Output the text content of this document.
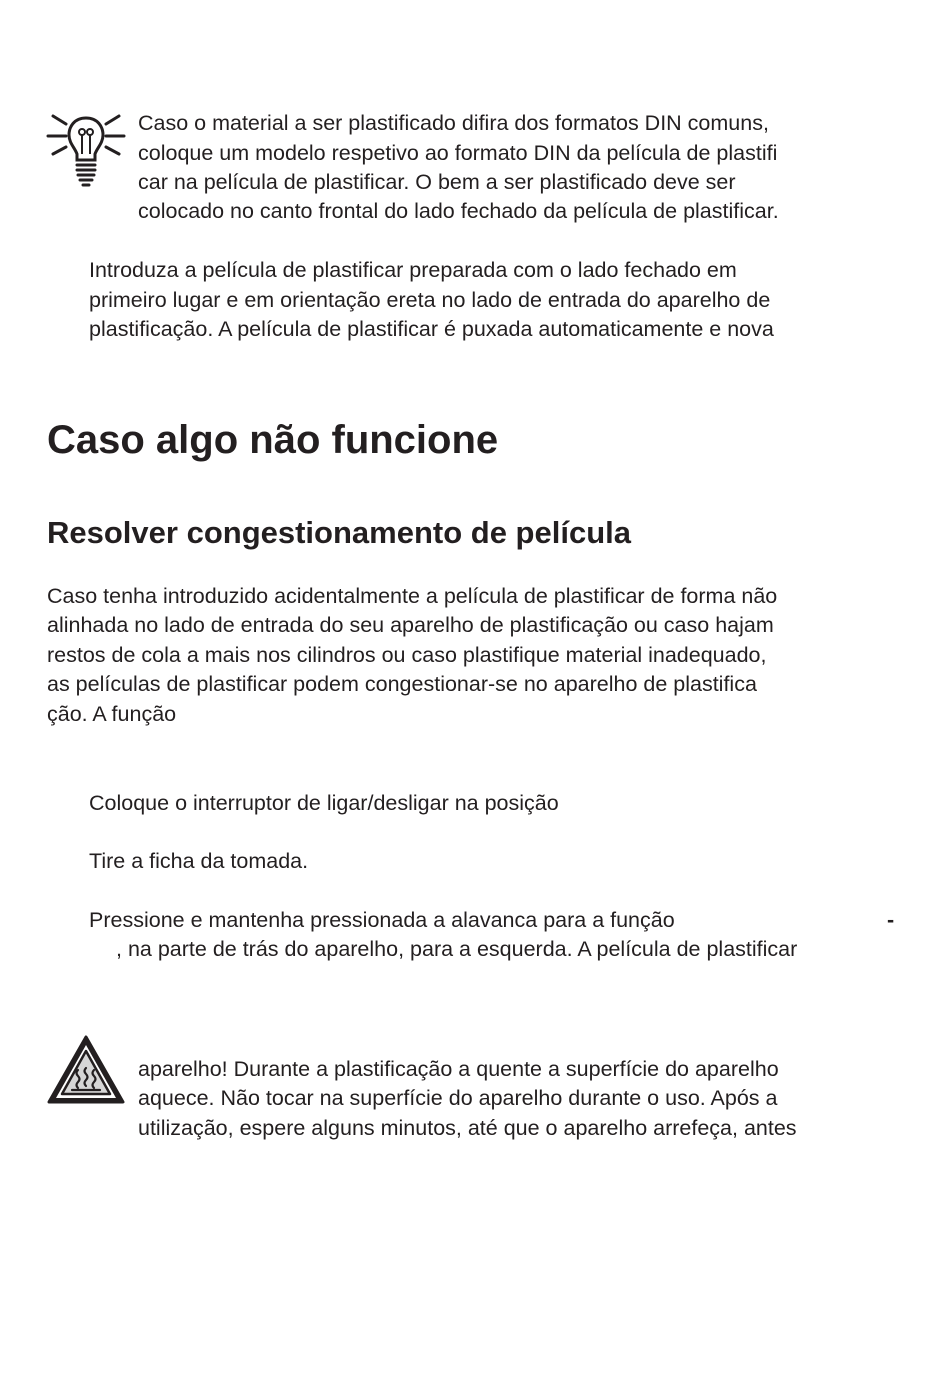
Caso o material a ser plastificado difira dos formatos DIN comuns,
coloque um modelo respetivo ao formato DIN da película de plastifi
car na película de plastificar. O bem a ser plastificado deve ser
colocado no canto frontal do lado fechado da película de plastificar.
Introduza a película de plastificar preparada com o lado fechado em
primeiro lugar e em orientação ereta no lado de entrada do aparelho de
plastificação. A película de plastificar é puxada automaticamente e nova
Caso algo não funcione
Resolver congestionamento de película
Caso tenha introduzido acidentalmente a película de plastificar de forma não
alinhada no lado de entrada do seu aparelho de plastificação ou caso hajam
restos de cola a mais nos cilindros ou caso plastifique material inadequado,
as películas de plastificar podem congestionar-se no aparelho de plastifica
ção. A função
Coloque o interruptor de ligar/desligar na posição
Tire a ficha da tomada.
Pressione e mantenha pressionada a alavanca para a função	-
, na parte de trás do aparelho, para a esquerda. A película de plastificar
aparelho! Durante a plastificação a quente a superfície do aparelho
aquece. Não tocar na superfície do aparelho durante o uso. Após a
utilização, espere alguns minutos, até que o aparelho arrefeça, antes
